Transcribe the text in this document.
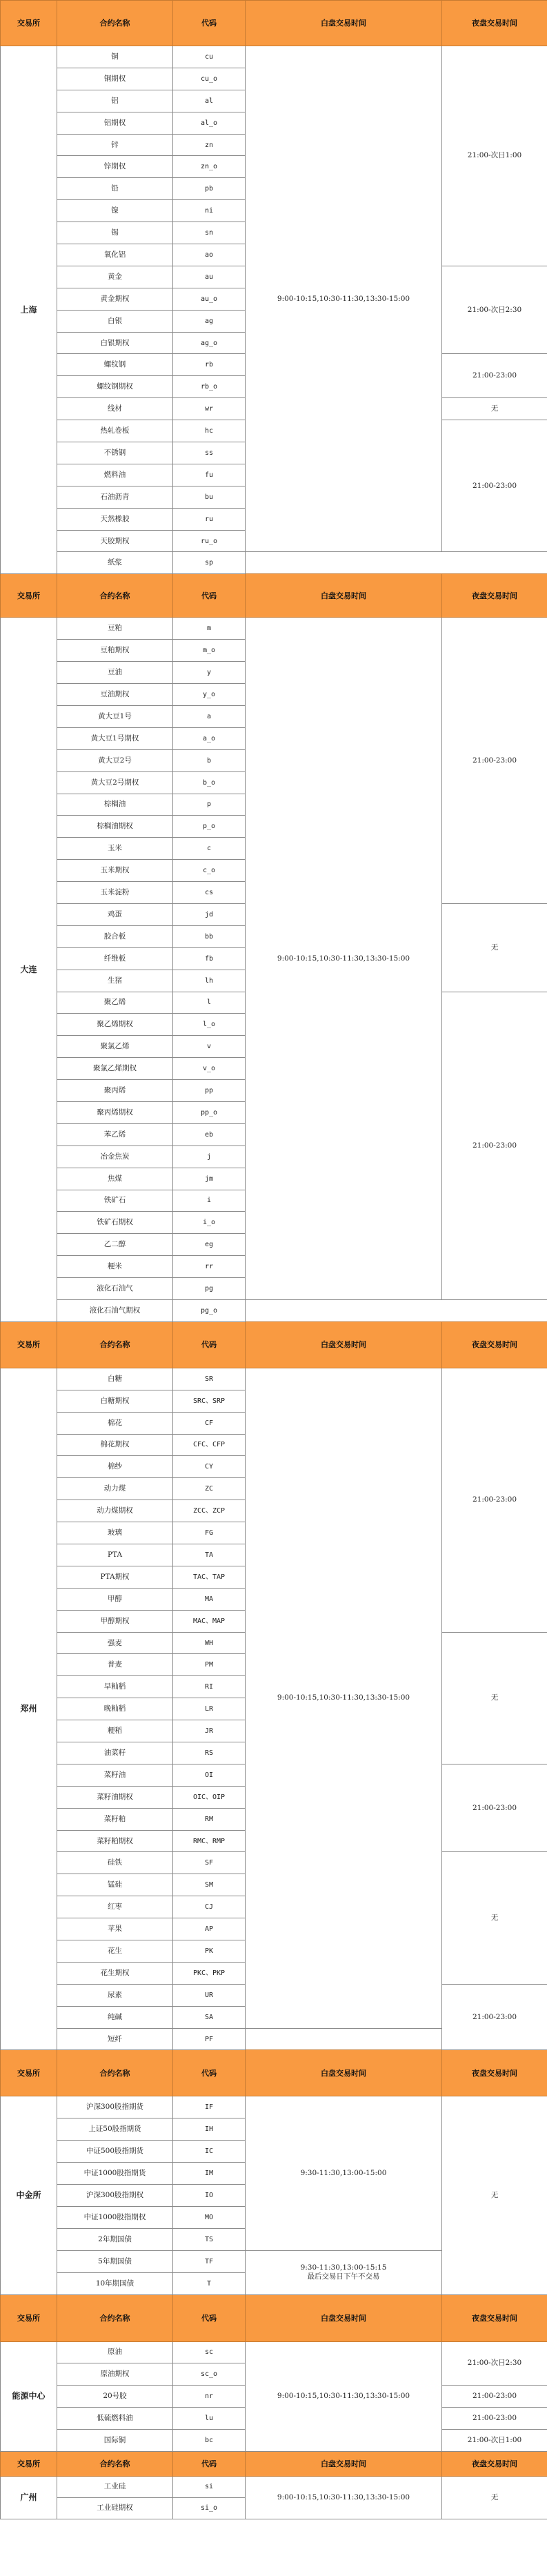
交易所	合约名称	代码	白盘交易时间	夜盘交易时间
上海	铜	cu	9:00-10:15,10:30-11:30,13:30-15:00	21:00-次日1:00
	铜期权	cu_o		
	铝	al		
	铝期权	al_o		
	锌	zn		
	锌期权	zn_o		
	铅	pb		
	镍	ni		
	锡	sn		
	氧化铝	ao		
	黄金	au		21:00-次日2:30
	黄金期权	au_o		
	白银	ag		
	白银期权	ag_o		
	螺纹钢	rb		21:00-23:00
	螺纹钢期权	rb_o		
	线材	wr		无
	热轧卷板	hc		21:00-23:00
	不锈钢	ss		
	燃料油	fu		
	石油沥青	bu		
	天然橡胶	ru		
	天胶期权	ru_o		
	纸浆	sp		
交易所	合约名称	代码	白盘交易时间	夜盘交易时间
大连	豆粕	m	9:00-10:15,10:30-11:30,13:30-15:00	21:00-23:00
	豆粕期权	m_o		
	豆油	y		
	豆油期权	y_o		
	黄大豆1号	a		
	黄大豆1号期权	a_o		
	黄大豆2号	b		
	黄大豆2号期权	b_o		
	棕榈油	p		
	棕榈油期权	p_o		
	玉米	c		
	玉米期权	c_o		
	玉米淀粉	cs		
	鸡蛋	jd		无
	胶合板	bb		
	纤维板	fb		
	生猪	lh		
	聚乙烯	l		21:00-23:00
	聚乙烯期权	l_o		
	聚氯乙烯	v		
	聚氯乙烯期权	v_o		
	聚丙烯	pp		
	聚丙烯期权	pp_o		
	苯乙烯	eb		
	冶金焦炭	j		
	焦煤	jm		
	铁矿石	i		
	铁矿石期权	i_o		
	乙二醇	eg		
	粳米	rr		
	液化石油气	pg		
	液化石油气期权	pg_o		
交易所	合约名称	代码	白盘交易时间	夜盘交易时间
郑州	白糖	SR	9:00-10:15,10:30-11:30,13:30-15:00	21:00-23:00
	白糖期权	SRC、SRP		
	棉花	CF		
	棉花期权	CFC、CFP		
	棉纱	CY		
	动力煤	ZC		
	动力煤期权	ZCC、ZCP		
	玻璃	FG		
	PTA	TA		
	PTA期权	TAC、TAP		
	甲醇	MA		
	甲醇期权	MAC、MAP		
	强麦	WH		无
	普麦	PM		
	早籼稻	RI		
	晚籼稻	LR		
	粳稻	JR		
	油菜籽	RS		
	菜籽油	OI		21:00-23:00
	菜籽油期权	OIC、OIP		
	菜籽粕	RM		
	菜籽粕期权	RMC、RMP		
	硅铁	SF		无
	锰硅	SM		
	红枣	CJ		
	苹果	AP		
	花生	PK		
	花生期权	PKC、PKP		
	尿素	UR		21:00-23:00
	纯碱	SA		
	短纤	PF		
交易所	合约名称	代码	白盘交易时间	夜盘交易时间
中金所	沪深300股指期货	IF	9:30-11:30,13:00-15:00	无
	上证50股指期货	IH		
	中证500股指期货	IC		
	中证1000股指期货	IM		
	沪深300股指期权	IO		
	中证1000股指期权	MO		
	2年期国债	TS		
	5年期国债	TF	9:30-11:30,13:00-15:15
最后交易日下午不交易	
	10年期国债	T		
交易所	合约名称	代码	白盘交易时间	夜盘交易时间
能源中心	原油	sc	9:00-10:15,10:30-11:30,13:30-15:00	21:00-次日2:30
	原油期权	sc_o		
	20号胶	nr		21:00-23:00
	低硫燃料油	lu		21:00-23:00
	国际铜	bc		21:00-次日1:00
交易所	合约名称	代码	白盘交易时间	夜盘交易时间
广州	工业硅	si	9:00-10:15,10:30-11:30,13:30-15:00	无
	工业硅期权	si_o		
